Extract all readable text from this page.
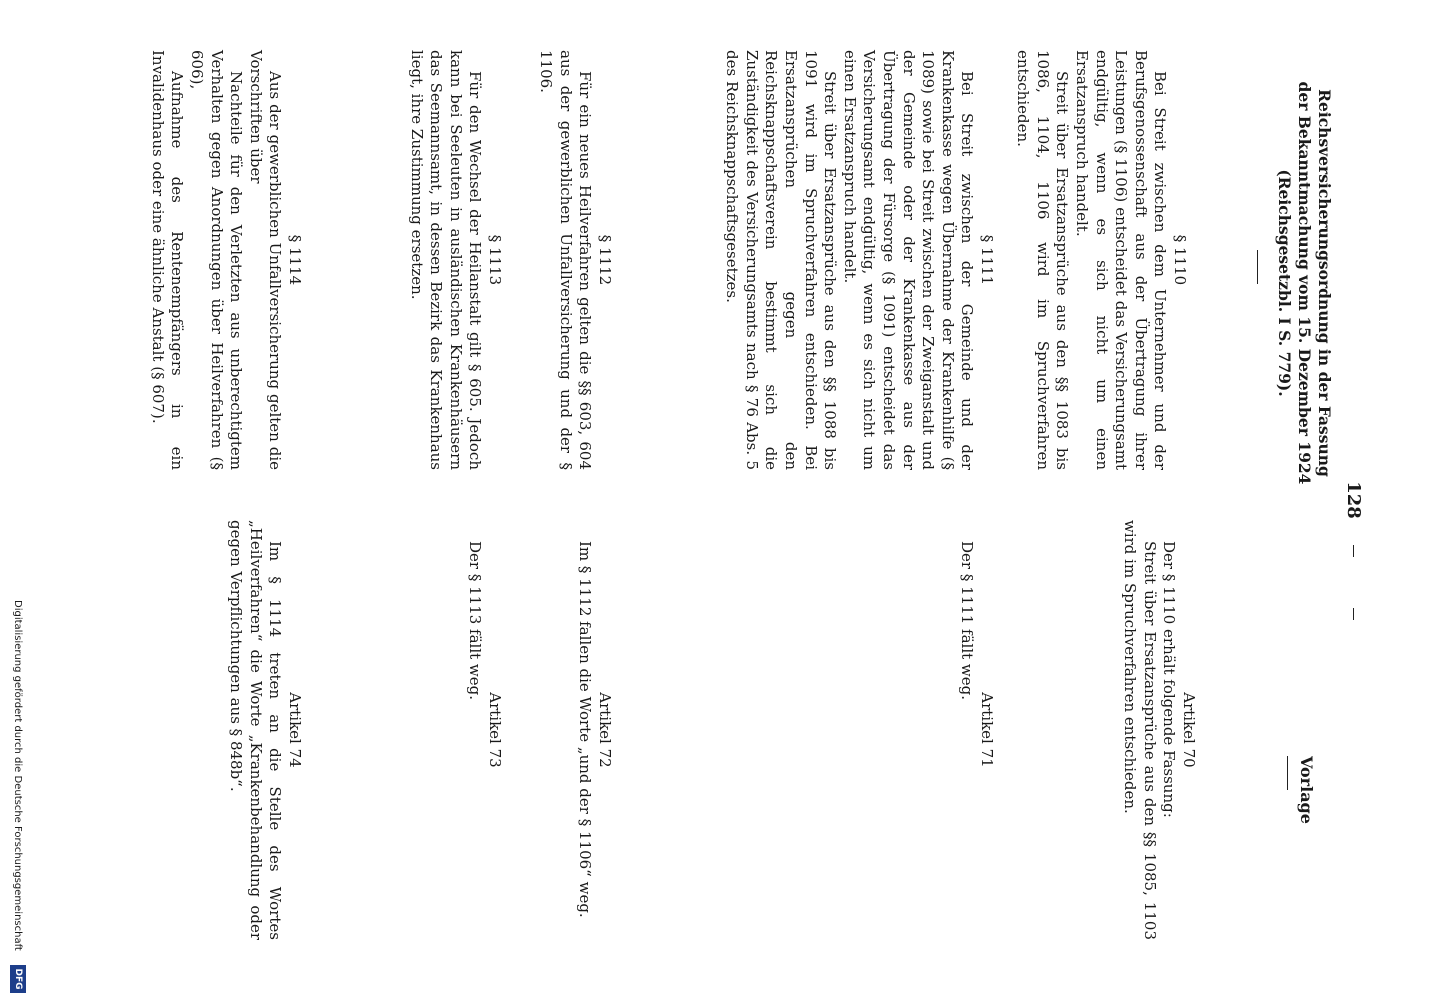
128
Reichsversicherungsordnung in der Fassung der Bekanntmachung vom 15. Dezember 1924 (Reichsgesetzbl. I S. 779).
Vorlage

§ 1110

Bei Streit zwischen dem Unternehmer und der Berufsgenossenschaft aus der Übertragung ihrer Leistungen (§ 1106) entscheidet das Versicherungsamt endgültig, wenn es sich nicht um einen Ersatzanspruch handelt.

Streit über Ersatzansprüche aus den §§ 1083 bis 1086, 1104, 1106 wird im Spruchverfahren entschieden.

§ 1111

Bei Streit zwischen der Gemeinde und der Krankenkasse wegen Übernahme der Krankenhilfe (§ 1089) sowie bei Streit zwischen der Zweiganstalt und der Gemeinde oder der Krankenkasse aus der Übertragung der Fürsorge (§ 1091) entscheidet das Versicherungsamt endgültig, wenn es sich nicht um einen Ersatzanspruch handelt.

Streit über Ersatzansprüche aus den §§ 1088 bis 1091 wird im Spruchverfahren entschieden. Bei Ersatzansprüchen gegen den Reichsknappschaftsverein bestimmt sich die Zuständigkeit des Versicherungsamts nach § 76 Abs. 5 des Reichsknappschaftsgesetzes.

§ 1112

Für ein neues Heilverfahren gelten die §§ 603, 604 aus der gewerblichen Unfallversicherung und der § 1106.

§ 1113

Für den Wechsel der Heilanstalt gilt § 605. Jedoch kann bei Seeleuten in ausländischen Krankenhäusern das Seemannsamt, in dessen Bezirk das Krankenhaus liegt, ihre Zustimmung ersetzen.

§ 1114

Aus der gewerblichen Unfallversicherung gelten die Vorschriften über

Nachteile für den Verletzten aus unberechtigtem Verhalten gegen Anordnungen über Heilverfahren (§ 606),

Aufnahme des Rentenempfängers in ein Invalidenhaus oder eine ähnliche Anstalt (§ 607).

Artikel 70

Der § 1110 erhält folgende Fassung:

Streit über Ersatzansprüche aus den §§ 1085, 1103 wird im Spruchverfahren entschieden.

Artikel 71

Der § 1111 fällt weg.

Artikel 72

Im § 1112 fallen die Worte „und der § 1106“ weg.

Artikel 73

Der § 1113 fällt weg.

Artikel 74

Im § 1114 treten an die Stelle des Wortes „Heilverfahren“ die Worte „Krankenbehandlung oder gegen Verpflichtungen aus § 848b“.

Digitalisierung gefördert durch die Deutsche Forschungsgemeinschaft
DFG
